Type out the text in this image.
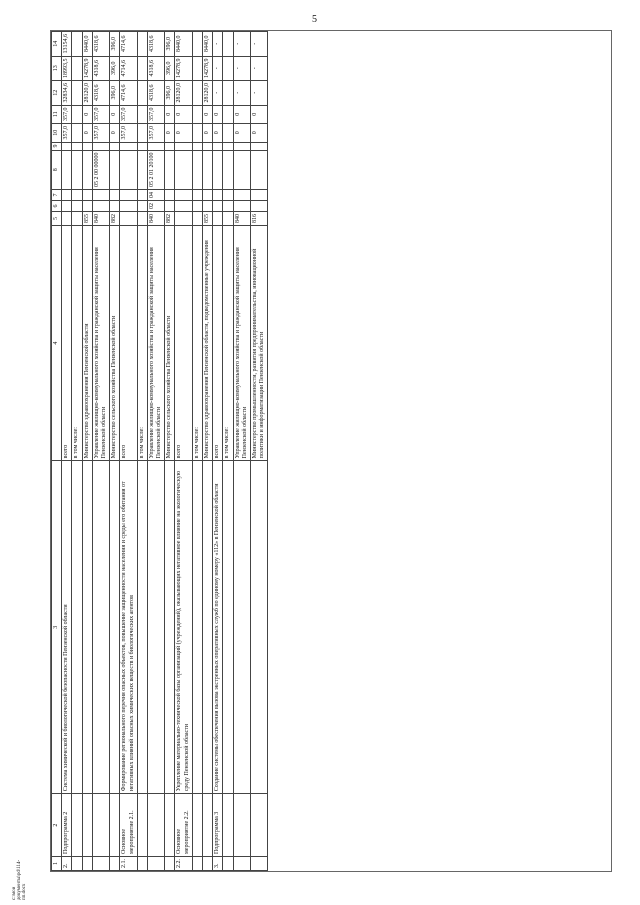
5
1	2	3	4	5	6	7	8	9	10	11	12	13	14
2.	Подпрограмма 2	Система химической и биологической безопасности Пензенской области	всего						357,0	357,0	32834,6	18993,5	13154,6
			в том числе:										
			Министерство здравоохранения Пензенской области	855					0	0	28120,0	14278,9	8440,0
			Управление жилищно-коммунального хозяйства и гражданской защиты населения Пензенской области	840			05 2 00 00000		357,0	357,0	4318,6	4318,6	4318,6
			Министерство сельского хозяйства Пензенской области	882					0	0	396,0	396,0	396,0
2.1.	Основное мероприятие 2.1.	Формирование регионального перечня опасных объектов, повышение защищенности населения и среды его обитания от негативных влияний опасных химических веществ и биологических агентов	всего						357,0	357,0	4714,6	4714,6	4714,6
			в том числе:										
			Управление жилищно-коммунального хозяйства и гражданской защиты населения Пензенской области	840	02	04	05 2 01 20100		357,0	357,0	4318,6	4318,6	4318,6
			Министерство сельского хозяйства Пензенской области	882					0	0	396,0	396,0	396,0
2.2.	Основное мероприятие 2.2.	Укрепление материально-технической базы организаций (учреждений), оказывающих негативное влияние на экологическую среду Пензенской области	всего						0	0	28120,0	14278,9	8440,0
			в том числе:										
			Министерство здравоохранения Пензенской области, подведомственные учреждения	855					0	0	28120,0	14278,9	8440,0
3.	Подпрограмма 3	Создание системы обеспечения вызова экстренных оперативных служб по единому номеру «112» в Пензенской области	всего						0	0	-	-	-
			в том числе:										
			Управление жилищно-коммунального хозяйства и гражданской защиты населения Пензенской области	840					0	0	-	-	-
			Министерство промышленности, развития предпринимательства, инновационной политики и информатизации Пензенской области	816					0	0	-	-	-
c:\мои документы\pd\114-пп.docx
